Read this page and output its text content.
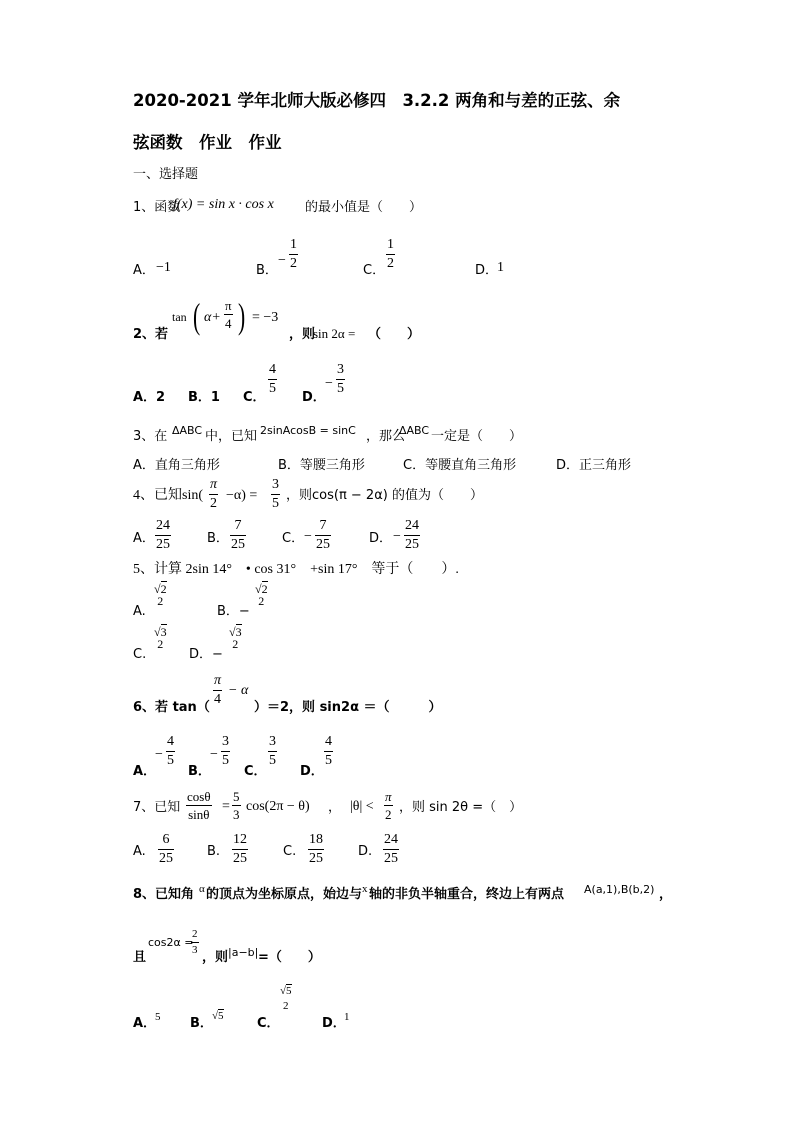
2020-2021 学年北师大版必修四　3.2.2 两角和与差的正弦、余
弦函数　作业　作业
一、选择题
1、函数
f(x) = sin x · cos x 的最小值是（　　）
A． −1	B．
−
1
2	C．
1
2	D．
1
2、若
tan ( α+
π
4 ) = −3
，则
sin 2α = （　　）
A．2 B．1 C．
4
5
D．
−
3
5
3、在 ΔABC 中，已知 2sinAcosB = sinC ，那么
ΔABC 一定是（　　）
A．直角三角形	B．等腰三角形	C．等腰直角三角形	D．正三角形
4、已知sin(
π
2
−α) =
3
5
，则cos(π − 2α) 的值为（　　）
A．
24
25	B．
7
25	C． −
7
25	D． −
24
25
5、计算 2sin 14°　• cos 31°　+sin 17°　等于（　　）.
A.
√2
2
B．−
√2
2
C.
√3
2
D．−
√3
2
6、若 tan（
π
4
− α
）＝2，则 sin2α ＝（　　　）
A．
−
4
5
B．
−
3
5
C．
3
5
D．
4
5
7、已知
cosθ
sinθ
=
5
3
cos(2π − θ) ， |θ| <
π
2 ，则 sin 2θ =（　）
A.
6
25	B.
12
25	C.
18
25	D.
24
25
8、已知角 α 的顶点为坐标原点，始边与 x 轴的非负半轴重合，终边上有两点 A(a,1),B(b,2) ，
且
cos2α =
2
3 ，则 |a−b| =（　　）
A．
5 B． √5	C．
√5
2
D．
1
